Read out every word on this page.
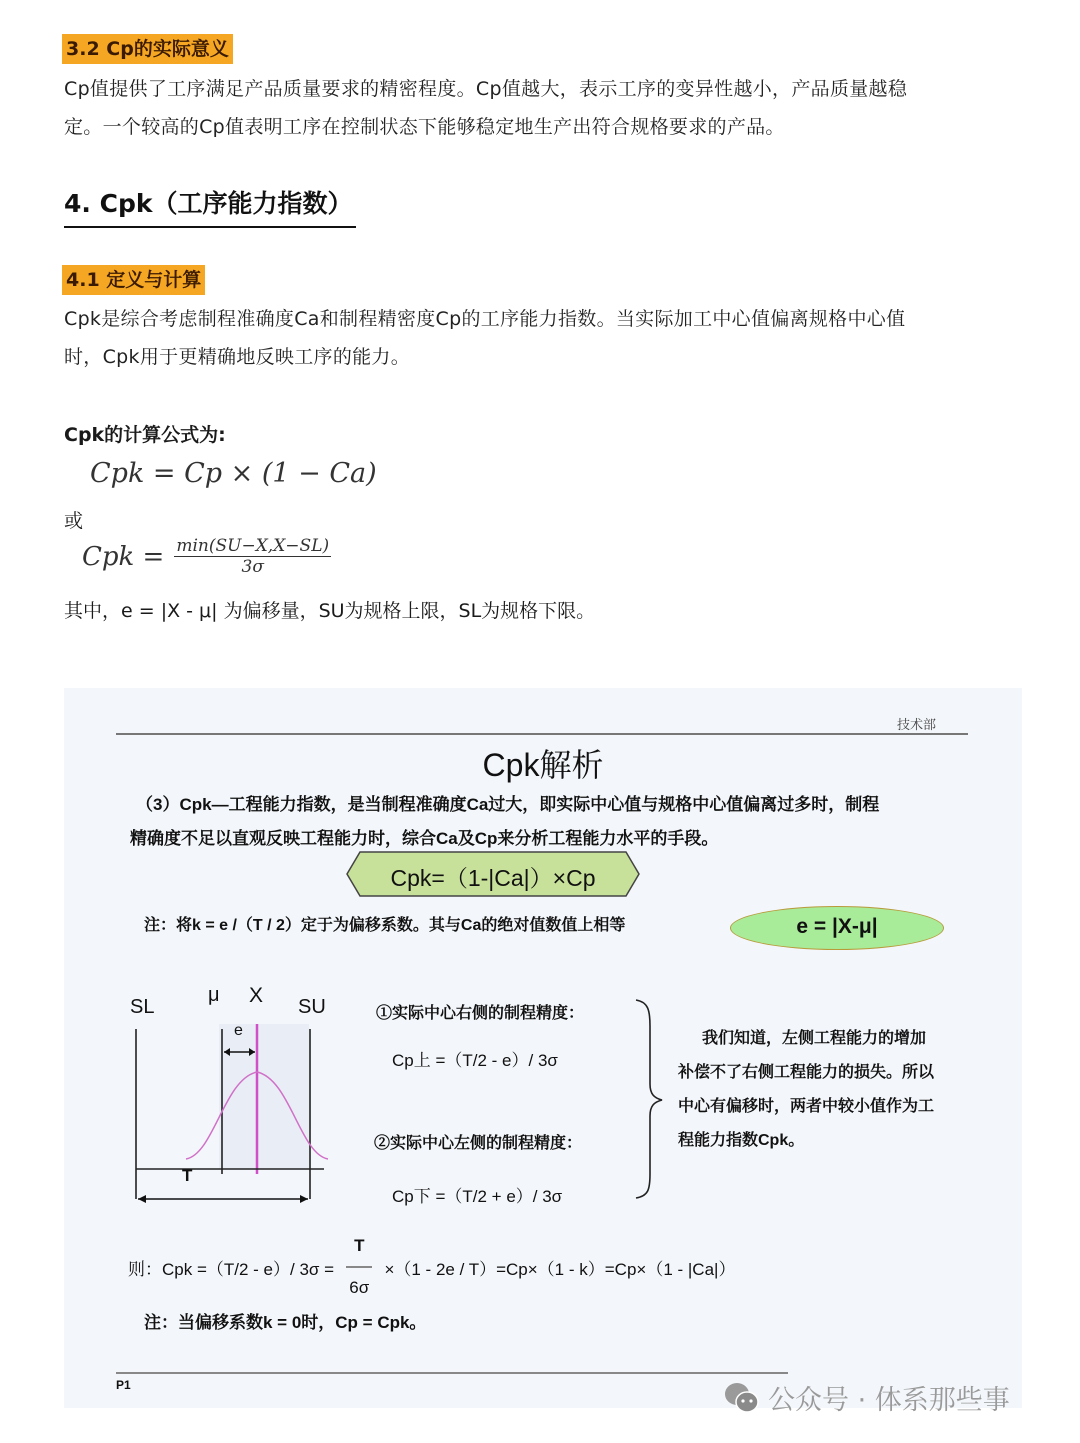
3.2 Cp的实际意义
Cp值提供了工序满足产品质量要求的精密程度。Cp值越大，表示工序的变异性越小，产品质量越稳
定。一个较高的Cp值表明工序在控制状态下能够稳定地生产出符合规格要求的产品。
4. Cpk（工序能力指数）
4.1 定义与计算
Cpk是综合考虑制程准确度Ca和制程精密度Cp的工序能力指数。当实际加工中心值偏离规格中心值
时，Cpk用于更精确地反映工序的能力。
Cpk的计算公式为:
Cpk = Cp × (1 − Ca)
或
Cpk = $\frac{\min(SU-X,X-SL)}{3\sigma}$
其中，e = |X - μ| 为偏移量，SU为规格上限，SL为规格下限。
技术部
Cpk解析
（3）Cpk—工程能力指数，是当制程准确度Ca过大，即实际中心值与规格中心值偏离过多时，制程
精确度不足以直观反映工程能力时，综合Ca及Cp来分析工程能力水平的手段。
Cpk=（1-|Ca|）×Cp
注：将k = e /（T / 2）定于为偏移系数。其与Ca的绝对值数值上相等	e = |X-μ|
SL
μ X SU
e
T
①实际中心右侧的制程精度：
Cp上 =（T/2 - e）/ 3σ
②实际中心左侧的制程精度：
Cp下 =（T/2 + e）/ 3σ
我们知道，左侧工程能力的增加
补偿不了右侧工程能力的损失。所以
中心有偏移时，两者中较小值作为工
程能力指数Cpk。
则：Cpk =（T/2 - e）/ $3\sigma = \frac{T}{6\sigma} \times(1 - 2e / T)=Cp\times(1 - k)=Cp\times(1 - |Ca|)$
注：当偏移系数k = 0时，Cp = Cpk。
P1	公众号 · 体系那些事
